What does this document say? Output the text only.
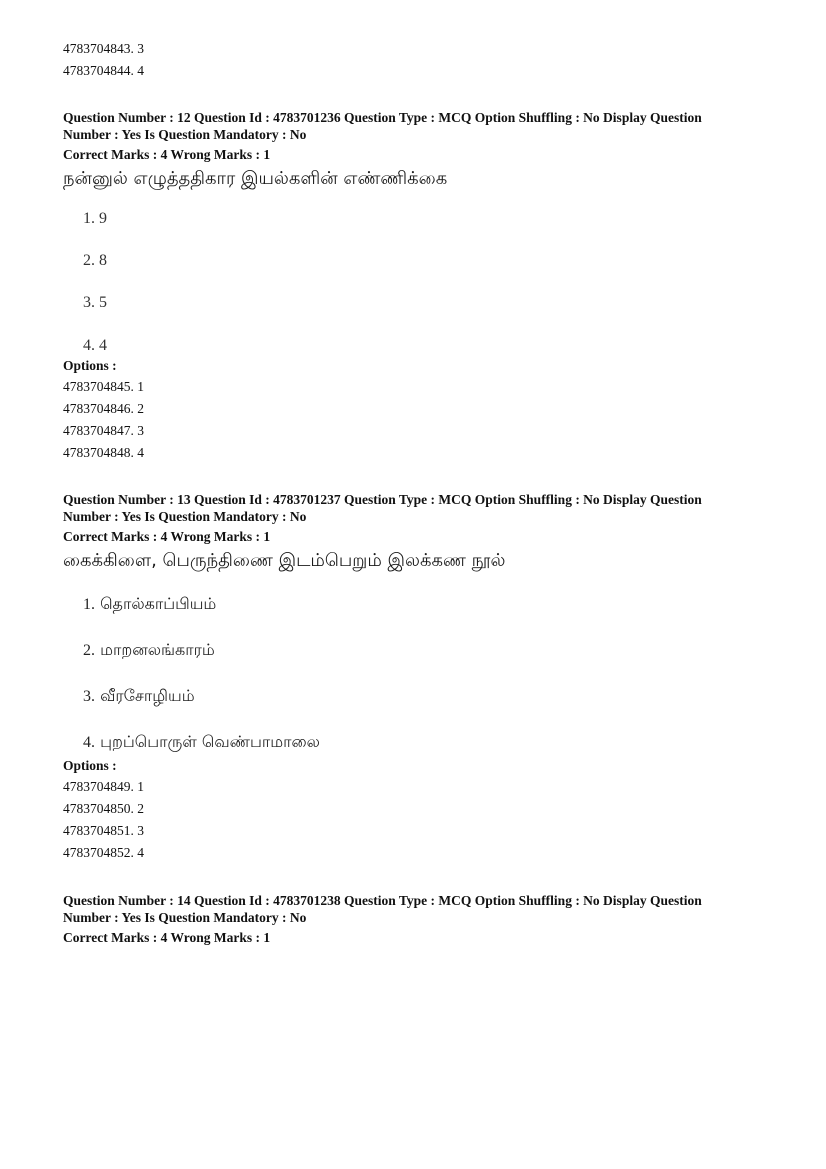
4783704843. 3
4783704844. 4
Question Number : 12 Question Id : 4783701236 Question Type : MCQ Option Shuffling : No Display Question
Number : Yes Is Question Mandatory : No
Correct Marks : 4 Wrong Marks : 1
நன்னுல் எழுத்ததிகார இயல்களின் எண்ணிக்கை
1. 9
2. 8
3. 5
4. 4
Options :
4783704845. 1
4783704846. 2
4783704847. 3
4783704848. 4
Question Number : 13 Question Id : 4783701237 Question Type : MCQ Option Shuffling : No Display Question
Number : Yes Is Question Mandatory : No
Correct Marks : 4 Wrong Marks : 1
கைக்கிளை, பெருந்திணை இடம்பெறும் இலக்கண நூல்
1. தொல்காப்பியம்
2. மாறனலங்காரம்
3. வீரசோழியம்
4. புறப்பொருள் வெண்பாமாலை
Options :
4783704849. 1
4783704850. 2
4783704851. 3
4783704852. 4
Question Number : 14 Question Id : 4783701238 Question Type : MCQ Option Shuffling : No Display Question
Number : Yes Is Question Mandatory : No
Correct Marks : 4 Wrong Marks : 1
